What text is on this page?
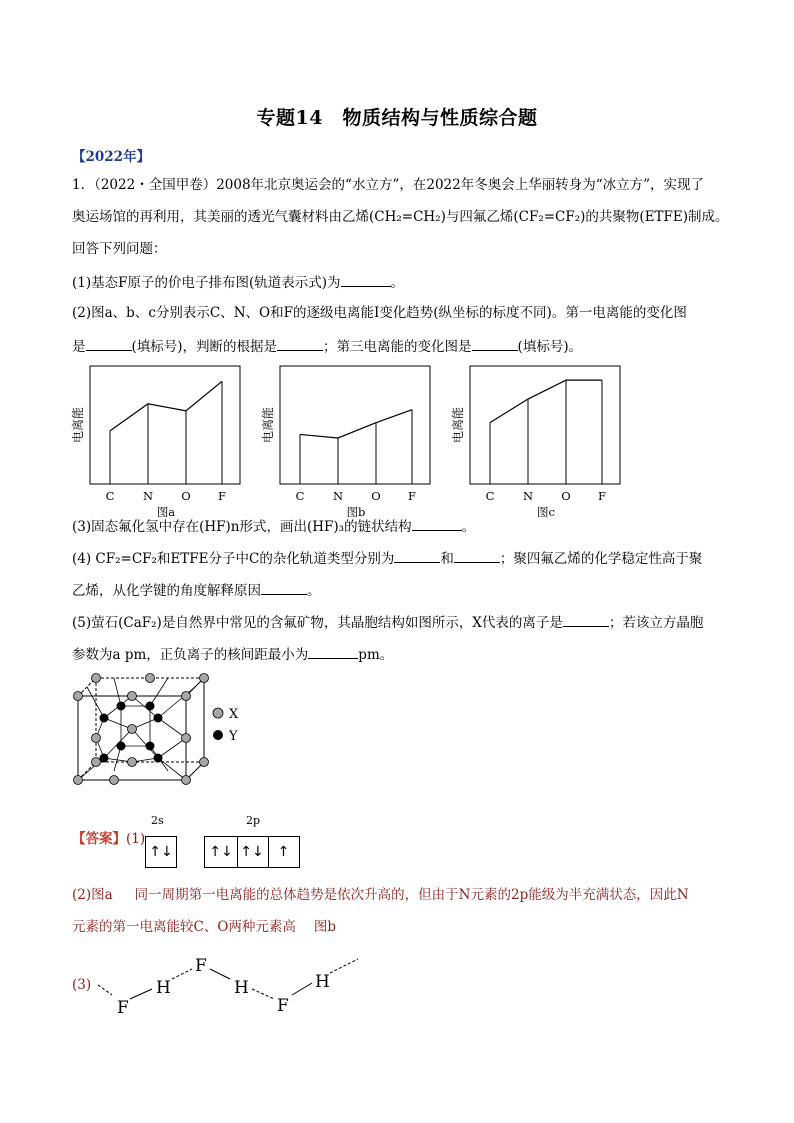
专题14　物质结构与性质综合题
【2022年】
1．（2022・全国甲卷）2008年北京奥运会的“水立方”，在2022年冬奥会上华丽转身为“冰立方”，实现了
奥运场馆的再利用，其美丽的透光气囊材料由乙烯(CH₂=CH₂)与四氟乙烯(CF₂=CF₂)的共聚物(ETFE)制成。
回答下列问题：
(1)基态F原子的价电子排布图(轨道表示式)为	。
(2)图a、b、c分别表示C、N、O和F的逐级电离能I变化趋势(纵坐标的标度不同)。第一电离能的变化图
是	(填标号)，判断的根据是	；第三电离能的变化图是	(填标号)。
电离能
C N O F
图a
电离能
C N O F
图b
电离能
C N O F
图c
(3)固态氟化氢中存在(HF)n形式，画出(HF)₃的链状结构	。
(4) CF₂=CF₂和ETFE分子中C的杂化轨道类型分别为	和	；聚四氟乙烯的化学稳定性高于聚
乙烯，从化学键的角度解释原因	。
(5)萤石(CaF₂)是自然界中常见的含氟矿物，其晶胞结构如图所示，X代表的离子是	；若该立方晶胞
参数为a pm，正负离子的核间距最小为	pm。
X
Y
【答案】(1)
2s	2p
↑↓	↑↓ ↑↓ ↑
(2)图a 同一周期第一电离能的总体趋势是依次升高的，但由于N元素的2p能级为半充满状态，因此N
元素的第一电离能较C、O两种元素高 图b
(3)
F
H
F
H
F
H
